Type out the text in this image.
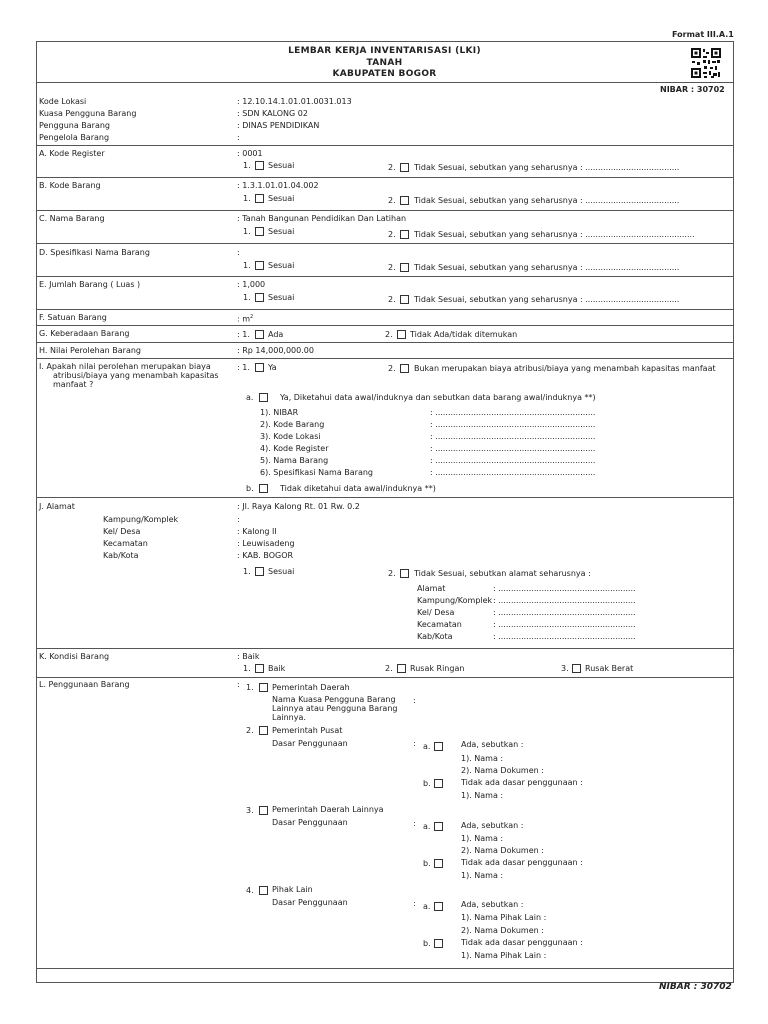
Format III.A.1
LEMBAR KERJA INVENTARISASI (LKI)
TANAH
KABUPATEN BOGOR
NIBAR : 30702
Kode Lokasi	: 12.10.14.1.01.01.0031.013
Kuasa Pengguna Barang	: SDN KALONG 02
Pengguna Barang	: DINAS PENDIDIKAN
Pengelola Barang	:
A. Kode Register	: 0001
1. Sesuai	2. Tidak Sesuai, sebutkan yang seharusnya : .....................................
B. Kode Barang	: 1.3.1.01.01.04.002
1. Sesuai	2. Tidak Sesuai, sebutkan yang seharusnya : .....................................
C. Nama Barang	: Tanah Bangunan Pendidikan Dan Latihan
1. Sesuai	2. Tidak Sesuai, sebutkan yang seharusnya : ...........................................
D. Spesifikasi Nama Barang	:
1. Sesuai	2. Tidak Sesuai, sebutkan yang seharusnya : .....................................
E. Jumlah Barang ( Luas )	: 1,000
1. Sesuai	2. Tidak Sesuai, sebutkan yang seharusnya : .....................................
F. Satuan Barang	: $m^2$
G. Keberadaan Barang	: 1. Ada	2. Tidak Ada/tidak ditemukan
H. Nilai Perolehan Barang	: Rp 14,000,000.00
I. Apakah nilai perolehan merupakan biaya
atribusi/biaya yang menambah kapasitas
manfaat ?
: 1. Ya	2. Bukan merupakan biaya atribusi/biaya yang menambah kapasitas manfaat
a.	Ya, Diketahui data awal/induknya dan sebutkan data barang awal/induknya **)
1). NIBAR	: ...............................................................
2). Kode Barang	: ...............................................................
3). Kode Lokasi	: ...............................................................
4). Kode Register	: ...............................................................
5). Nama Barang	: ...............................................................
6). Spesifikasi Nama Barang	: ...............................................................
b.	Tidak diketahui data awal/induknya **)
J. Alamat	: Jl. Raya Kalong Rt. 01 Rw. 0.2
Kampung/Komplek	:
Kel/ Desa	: Kalong II
Kecamatan	: Leuwisadeng
Kab/Kota	: KAB. BOGOR
1. Sesuai	2. Tidak Sesuai, sebutkan alamat seharusnya :
Alamat	: ......................................................
Kampung/Komplek : ......................................................
Kel/ Desa	: ......................................................
Kecamatan	: ......................................................
Kab/Kota	: ......................................................
K. Kondisi Barang	: Baik
1. Baik	2. Rusak Ringan	3. Rusak Berat
L. Penggunaan Barang	: 1. Pemerintah Daerah
Nama Kuasa Pengguna Barang :
Lainnya atau Pengguna Barang
Lainnya.
2. Pemerintah Pusat
Dasar Penggunaan	: a.	Ada, sebutkan :
1). Nama :
2). Nama Dokumen :
b.	Tidak ada dasar penggunaan :
1). Nama :
3. Pemerintah Daerah Lainnya
Dasar Penggunaan	: a.	Ada, sebutkan :
1). Nama :
2). Nama Dokumen :
b.	Tidak ada dasar penggunaan :
1). Nama :
4. Pihak Lain
Dasar Penggunaan	: a.	Ada, sebutkan :
1). Nama Pihak Lain :
2). Nama Dokumen :
b.	Tidak ada dasar penggunaan :
1). Nama Pihak Lain :
NIBAR : 30702
